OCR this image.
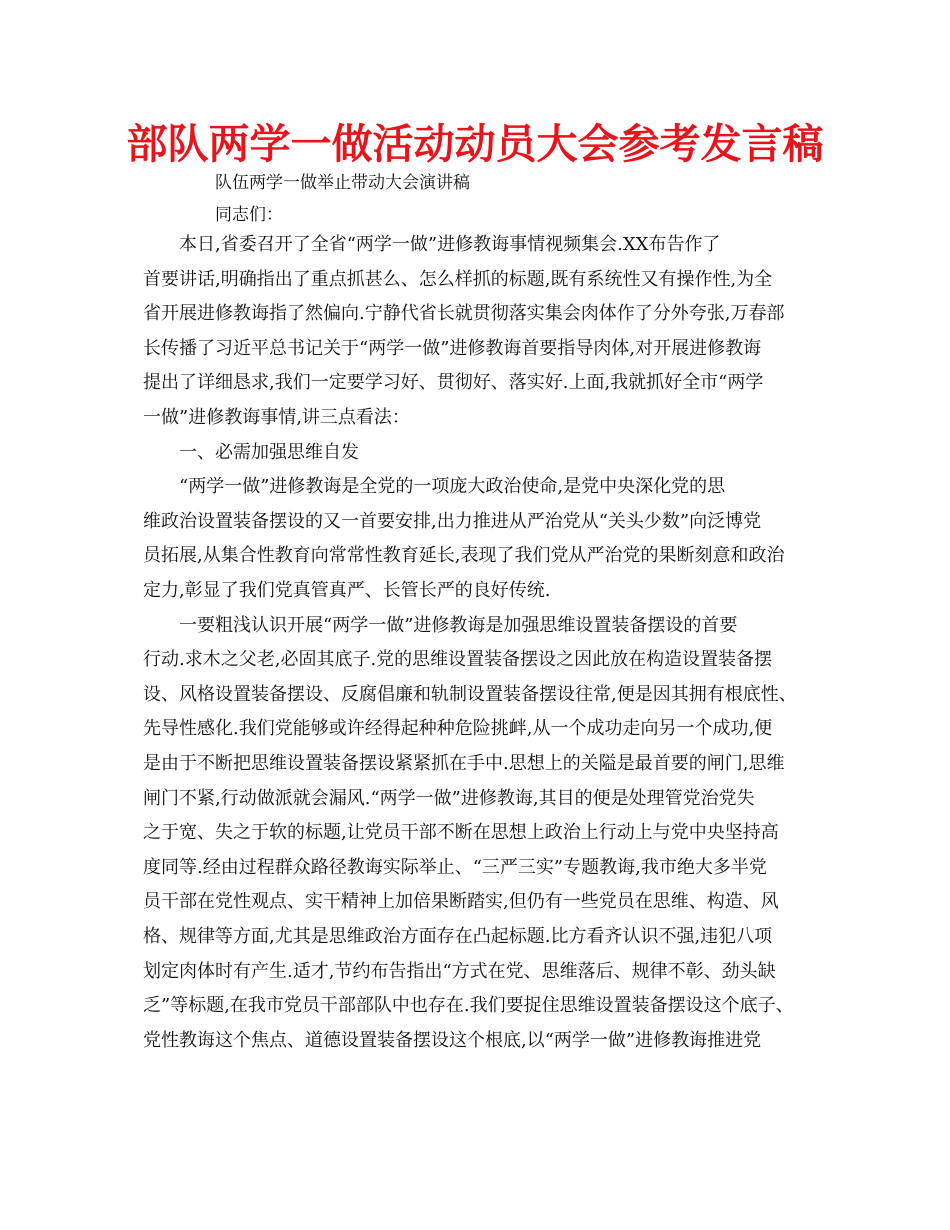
部队两学一做活动动员大会参考发言稿
队伍两学一做举止带动大会演讲稿
同志们：
　　本日,省委召开了全省“两学一做”进修教诲事情视频集会.XX布告作了
首要讲话,明确指出了重点抓甚么、怎么样抓的标题,既有系统性又有操作性,为全
省开展进修教诲指了然偏向.宁静代省长就贯彻落实集会肉体作了分外夸张,万春部
长传播了习近平总书记关于“两学一做”进修教诲首要指导肉体,对开展进修教诲
提出了详细恳求,我们一定要学习好、贯彻好、落实好.上面,我就抓好全市“两学
一做”进修教诲事情,讲三点看法：
　　一、必需加强思维自发
　　“两学一做”进修教诲是全党的一项庞大政治使命,是党中央深化党的思
维政治设置装备摆设的又一首要安排,出力推进从严治党从“关头少数”向泛博党
员拓展,从集合性教育向常常性教育延长,表现了我们党从严治党的果断刻意和政治
定力,彰显了我们党真管真严、长管长严的良好传统.
　　一要粗浅认识开展“两学一做”进修教诲是加强思维设置装备摆设的首要
行动.求木之父老,必固其底子.党的思维设置装备摆设之因此放在构造设置装备摆
设、风格设置装备摆设、反腐倡廉和轨制设置装备摆设往常,便是因其拥有根底性、
先导性感化.我们党能够或许经得起种种危险挑衅,从一个成功走向另一个成功,便
是由于不断把思维设置装备摆设紧紧抓在手中.思想上的关隘是最首要的闸门,思维
闸门不紧,行动做派就会漏风.“两学一做”进修教诲,其目的便是处理管党治党失
之于宽、失之于软的标题,让党员干部不断在思想上政治上行动上与党中央坚持高
度同等.经由过程群众路径教诲实际举止、“三严三实”专题教诲,我市绝大多半党
员干部在党性观点、实干精神上加倍果断踏实,但仍有一些党员在思维、构造、风
格、规律等方面,尤其是思维政治方面存在凸起标题.比方看齐认识不强,违犯八项
划定肉体时有产生.适才,节约布告指出“方式在党、思维落后、规律不彰、劲头缺
乏”等标题,在我市党员干部部队中也存在.我们要捉住思维设置装备摆设这个底子、
党性教诲这个焦点、道德设置装备摆设这个根底,以“两学一做”进修教诲推进党
